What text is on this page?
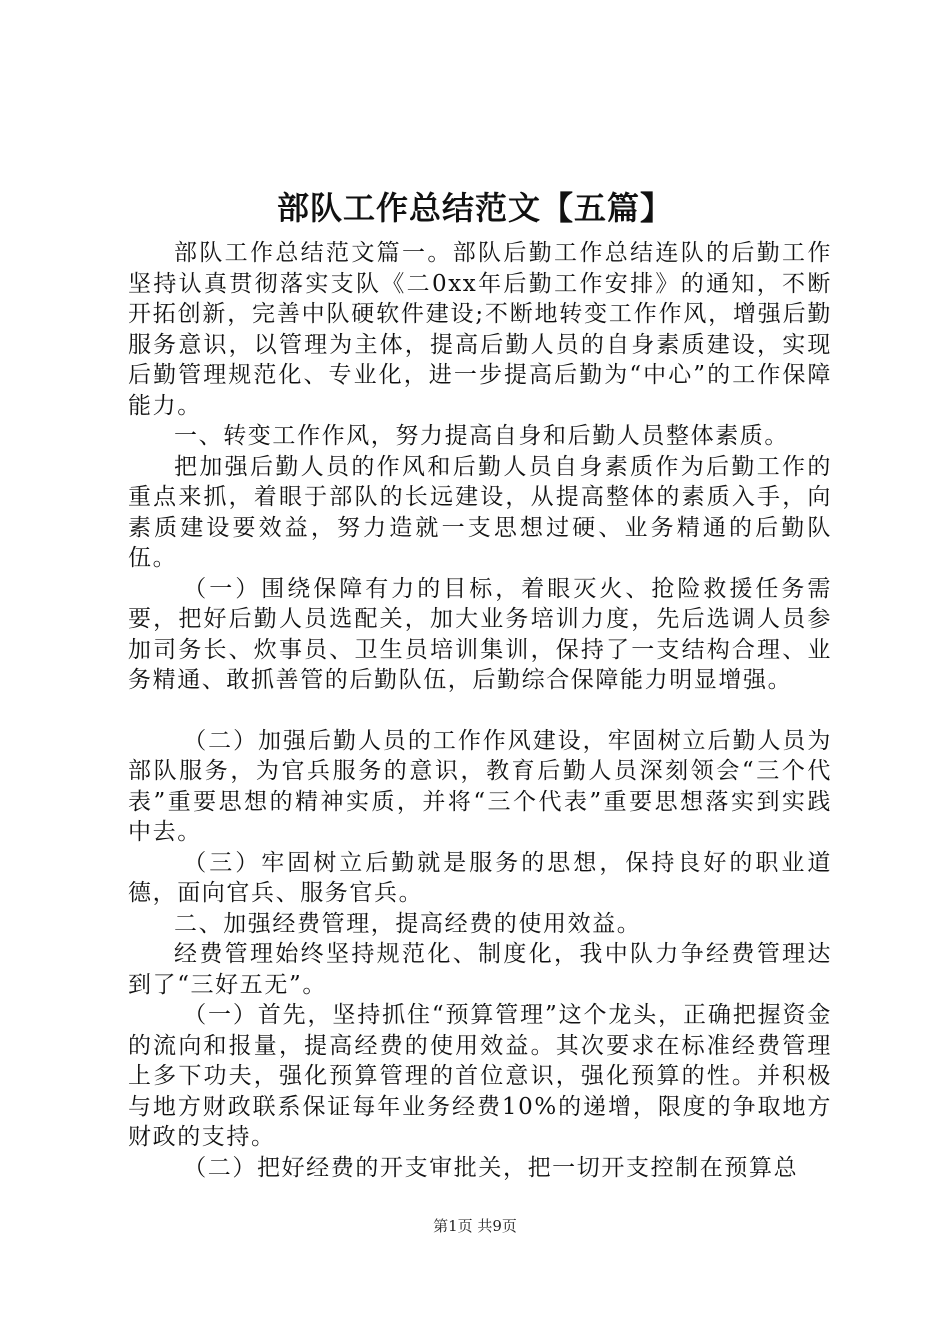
部队工作总结范文【五篇】

部队工作总结范文篇一。部队后勤工作总结连队的后勤工作坚持认真贯彻落实支队《二0xx年后勤工作安排》的通知，不断开拓创新，完善中队硬软件建设;不断地转变工作作风，增强后勤服务意识，以管理为主体，提高后勤人员的自身素质建设，实现后勤管理规范化、专业化，进一步提高后勤为“中心”的工作保障能力。

一、转变工作作风，努力提高自身和后勤人员整体素质。

把加强后勤人员的作风和后勤人员自身素质作为后勤工作的重点来抓，着眼于部队的长远建设，从提高整体的素质入手，向素质建设要效益，努力造就一支思想过硬、业务精通的后勤队伍。

（一）围绕保障有力的目标，着眼灭火、抢险救援任务需要，把好后勤人员选配关，加大业务培训力度，先后选调人员参加司务长、炊事员、卫生员培训集训，保持了一支结构合理、业务精通、敢抓善管的后勤队伍，后勤综合保障能力明显增强。

（二）加强后勤人员的工作作风建设，牢固树立后勤人员为部队服务，为官兵服务的意识，教育后勤人员深刻领会“三个代表”重要思想的精神实质，并将“三个代表”重要思想落实到实践中去。

（三）牢固树立后勤就是服务的思想，保持良好的职业道德，面向官兵、服务官兵。

二、加强经费管理，提高经费的使用效益。

经费管理始终坚持规范化、制度化，我中队力争经费管理达到了“三好五无”。

（一）首先，坚持抓住“预算管理”这个龙头，正确把握资金的流向和报量，提高经费的使用效益。其次要求在标准经费管理上多下功夫，强化预算管理的首位意识，强化预算的性。并积极与地方财政联系保证每年业务经费10%的递增，限度的争取地方财政的支持。

（二）把好经费的开支审批关，把一切开支控制在预算总

第1页 共9页
